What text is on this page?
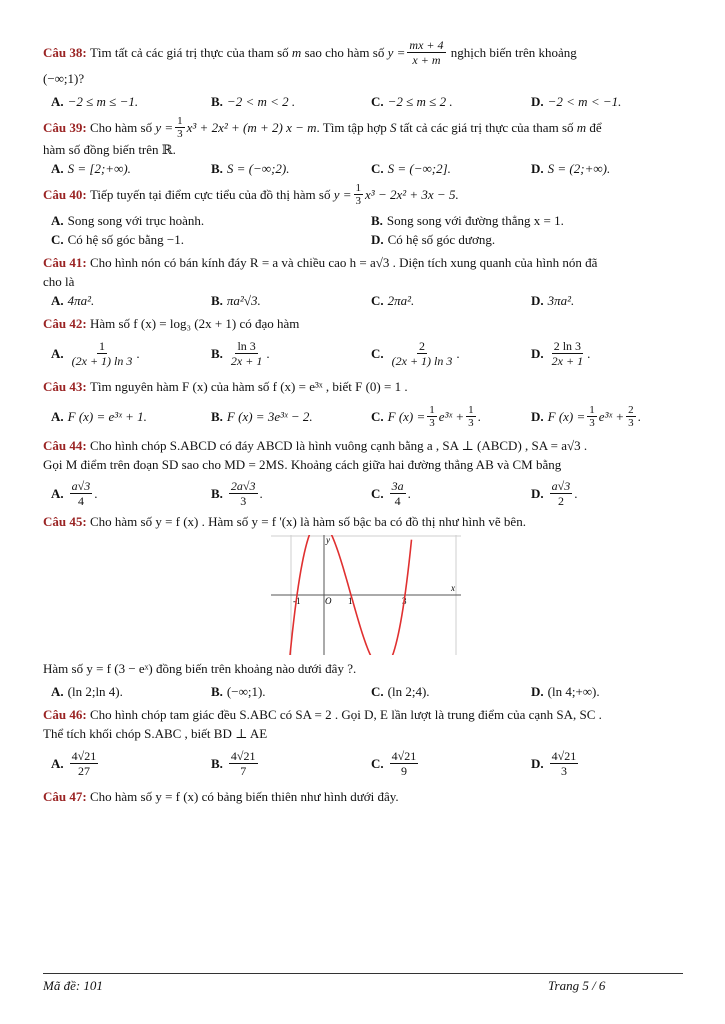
Câu 38:
Tìm tất cả các giá trị thực của tham số
m
sao cho hàm số
$y = \frac{mx + 4}{x + m}$
nghịch biến trên khoảng
(−∞;1)?
A. −2 ≤ m ≤ −1.	B. −2 < m < 2 .	C. −2 ≤ m ≤ 2 .	D. −2 < m < −1.
Câu 39:
Cho hàm số
$y = \frac{1}{3} x^3 + 2x^2 + (m + 2) x - m$ . Tìm tập hợp
S
tất cả các giá trị thực của tham số
m
để
hàm số đồng biến trên ℝ.
A. S = [2;+∞).	B. S = (−∞;2).	C. S = (−∞;2].	D. S = (2;+∞).
Câu 40:
Tiếp tuyến tại điểm cực tiểu của đồ thị hàm số
$y = \frac{1}{3} x^3 - 2x^2 + 3x - 5$.
A. Song song với trục hoành.	B. Song song với đường thẳng x = 1.
C. Có hệ số góc bằng −1.	D. Có hệ số góc dương.
Câu 41: Cho hình nón có bán kính đáy R = a và chiều cao h = a√3 . Diện tích xung quanh của hình nón đã
cho là
A. 4πa².	B. πa²√3.	C. 2πa².	D. 3πa².
Câu 42: Hàm số f (x) = log₃ (2x + 1) có đạo hàm
A. $\frac{1}{(2x + 1) \ln 3}$ .	B. $\frac{\ln 3}{2x + 1}$ .	C. $\frac{2}{(2x + 1) \ln 3}$ .	D. $\frac{2 \ln 3}{2x + 1}$ .
Câu 43: Tìm nguyên hàm F (x) của hàm số f (x) = e³ˣ , biết F (0) = 1 .
A. F (x) = e³ˣ + 1.	B. F (x) = 3e³ˣ − 2.	C. F $(x) = \frac{1}{3}$ e³ˣ + $\frac{1}{3}$ .	D. F $(x) = \frac{1}{3}$ e³ˣ + $\frac{2}{3}$ .
Câu 44: Cho hình chóp S.ABCD có đáy ABCD là hình vuông cạnh bằng a , SA ⊥ (ABCD) , SA = a√3 .
Gọi M điểm trên đoạn SD sao cho MD = 2MS. Khoảng cách giữa hai đường thẳng AB và CM bằng
A. $\frac{a√3}{4}$ .	B. $\frac{2a√3}{3}$ .	C. $\frac{3a}{4}$ .	D. $\frac{a√3}{2}$ .
Câu 45: Cho hàm số y = f (x) . Hàm số y = f '(x) là hàm số bậc ba có đồ thị như hình vẽ bên.
x
y
O
-1	1	3
Hàm số y = f (3 − eˣ) đồng biến trên khoảng nào dưới đây ?.
A. (ln 2;ln 4).	B. (−∞;1).	C. (ln 2;4).	D. (ln 4;+∞).
Câu 46: Cho hình chóp tam giác đều S.ABC có SA = 2 . Gọi D, E lần lượt là trung điểm của cạnh SA, SC .
Thể tích khối chóp S.ABC , biết BD ⊥ AE
A. $\frac{4√21}{27}$	B. $\frac{4√21}{7}$	C. $\frac{4√21}{9}$	D. $\frac{4√21}{3}$
Câu 47: Cho hàm số y = f (x) có bảng biến thiên như hình dưới đây.
Mã đề: 101	Trang 5 / 6
